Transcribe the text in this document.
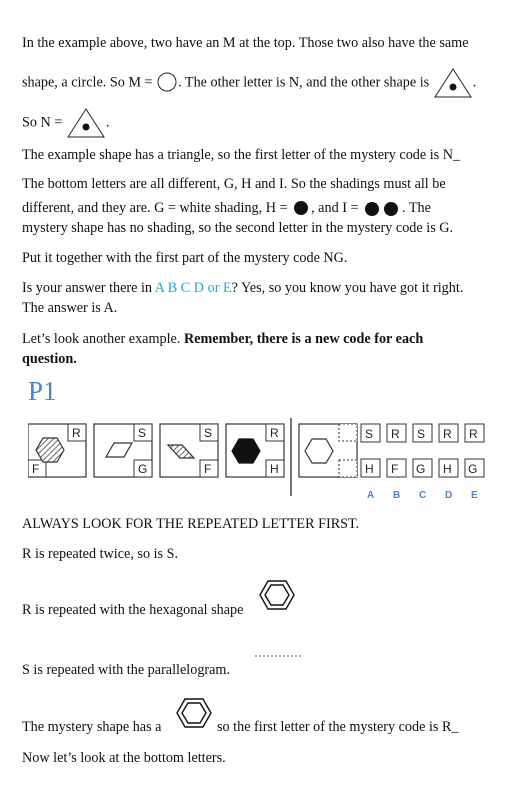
In the example above, two have an M at the top. Those two also have the same
shape, a circle. So M = . The other letter is N, and the other shape is	.
So N =	.
The example shape has a triangle, so the first letter of the mystery code is N_
The bottom letters are all different, G, H and I. So the shadings must all be
different, and they are. G = white shading, H = , and I =	. The
mystery shape has no shading, so the second letter in the mystery code is G.
Put it together with the first part of the mystery code NG.
Is your answer there in A B C D or E? Yes, so you know you have got it right.
The answer is A.
Let’s look another example. Remember, there is a new code for each
question.
P1
R
F
S
G
S
F
R
H
S
H
A
R
F
B
S
G
C
R
H
D
R
G
E
ALWAYS LOOK FOR THE REPEATED LETTER FIRST.
R is repeated twice, so is S.
R is repeated with the hexagonal shape
S is repeated with the parallelogram.
The mystery shape has a	so the first letter of the mystery code is R_
Now let’s look at the bottom letters.
